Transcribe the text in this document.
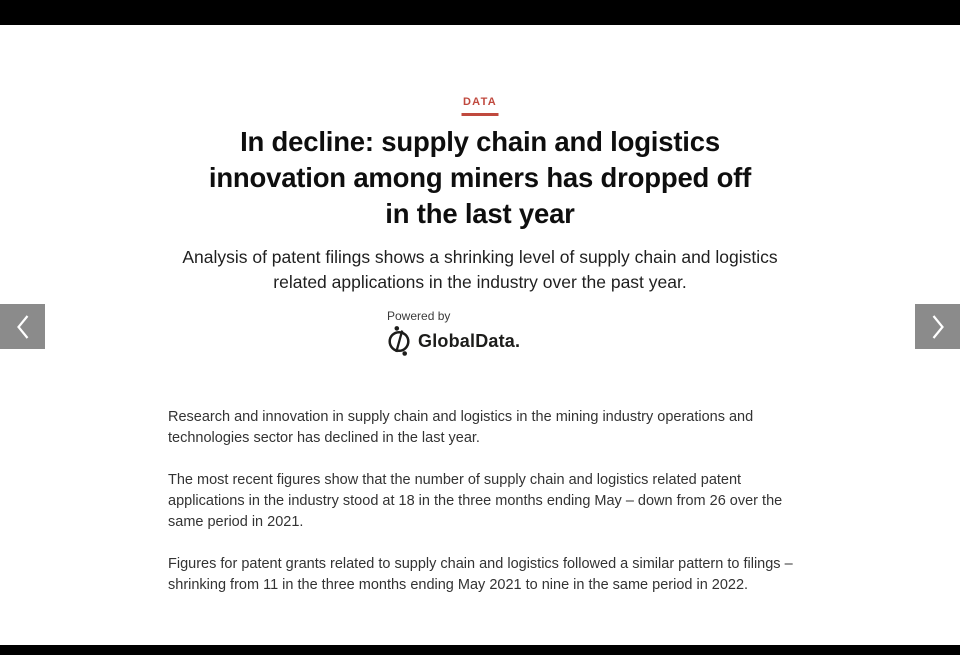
DATA
In decline: supply chain and logistics
innovation among miners has dropped off
in the last year

Analysis of patent filings shows a shrinking level of supply chain and logistics
related applications in the industry over the past year.

Powered by
GlobalData.

Research and innovation in supply chain and logistics in the mining industry operations and technologies sector has declined in the last year.

The most recent figures show that the number of supply chain and logistics related patent applications in the industry stood at 18 in the three months ending May – down from 26 over the same period in 2021.

Figures for patent grants related to supply chain and logistics followed a similar pattern to filings – shrinking from 11 in the three months ending May 2021 to nine in the same period in 2022.
